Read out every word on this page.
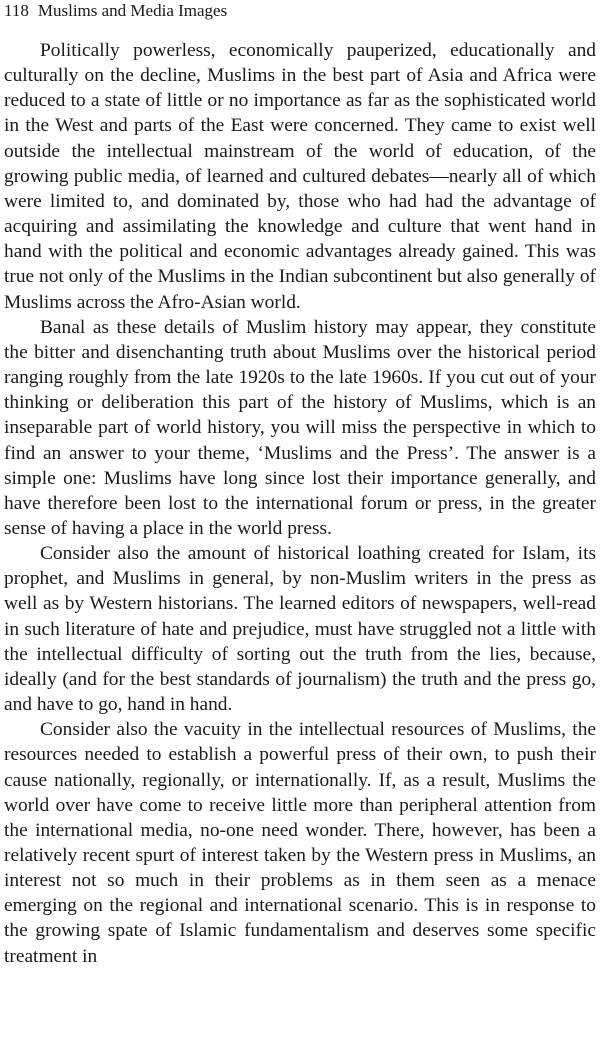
118 Muslims and Media Images

Politically powerless, economically pauperized, educationally and culturally on the decline, Muslims in the best part of Asia and Africa were reduced to a state of little or no importance as far as the sophisticated world in the West and parts of the East were concerned. They came to exist well outside the intellectual mainstream of the world of education, of the growing public media, of learned and cultured debates—nearly all of which were limited to, and dominated by, those who had had the advantage of acquiring and assimilating the knowledge and culture that went hand in hand with the political and economic advantages already gained. This was true not only of the Muslims in the Indian subcontinent but also generally of Muslims across the Afro-Asian world.

Banal as these details of Muslim history may appear, they constitute the bitter and disenchanting truth about Muslims over the historical period ranging roughly from the late 1920s to the late 1960s. If you cut out of your thinking or deliberation this part of the history of Muslims, which is an inseparable part of world history, you will miss the perspective in which to find an answer to your theme, ‘Muslims and the Press’. The answer is a simple one: Muslims have long since lost their importance generally, and have therefore been lost to the international forum or press, in the greater sense of having a place in the world press.

Consider also the amount of historical loathing created for Islam, its prophet, and Muslims in general, by non-Muslim writers in the press as well as by Western historians. The learned editors of newspapers, well-read in such literature of hate and prejudice, must have struggled not a little with the intellectual difficulty of sorting out the truth from the lies, because, ideally (and for the best standards of journalism) the truth and the press go, and have to go, hand in hand.

Consider also the vacuity in the intellectual resources of Muslims, the resources needed to establish a powerful press of their own, to push their cause nationally, regionally, or internationally. If, as a result, Muslims the world over have come to receive little more than peripheral attention from the international media, no-one need wonder. There, however, has been a relatively recent spurt of interest taken by the Western press in Muslims, an interest not so much in their problems as in them seen as a menace emerging on the regional and international scenario. This is in response to the growing spate of Islamic fundamentalism and deserves some specific treatment in
